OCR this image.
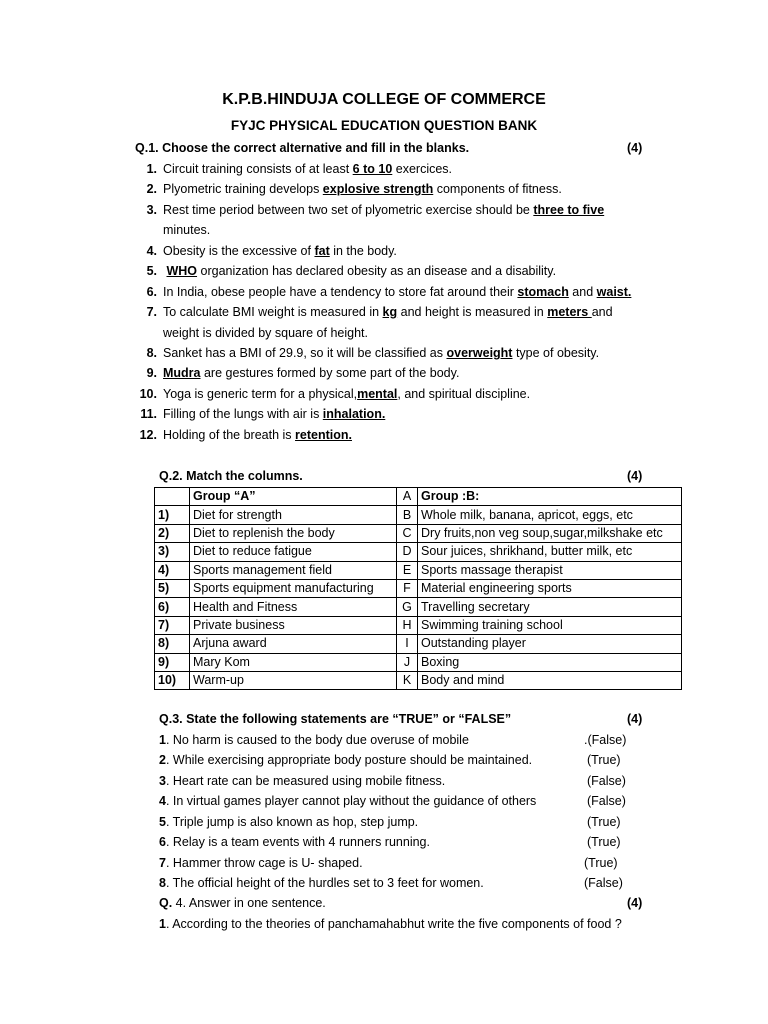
K.P.B.HINDUJA COLLEGE OF COMMERCE
FYJC PHYSICAL EDUCATION QUESTION BANK
Q.1. Choose the correct alternative and fill in the blanks.	(4)
1. Circuit training consists of at least 6 to 10 exercices.
2. Plyometric training develops explosive strength components of fitness.
3. Rest time period between two set of plyometric exercise should be three to five
minutes.
4. Obesity is the excessive of fat in the body.
5. WHO organization has declared obesity as an disease and a disability.
6. In India, obese people have a tendency to store fat around their stomach and waist.
7. To calculate BMI weight is measured in kg and height is measured in meters and
weight is divided by square of height.
8. Sanket has a BMI of 29.9, so it will be classified as overweight type of obesity.
9. Mudra are gestures formed by some part of the body.
10. Yoga is generic term for a physical,mental, and spiritual discipline.
11. Filling of the lungs with air is inhalation.
12. Holding of the breath is retention.
Q.2. Match the columns.	(4)
	Group “A”	A	Group :B:
1)	Diet for strength	B	Whole milk, banana, apricot, eggs, etc
2)	Diet to replenish the body	C	Dry fruits,non veg soup,sugar,milkshake etc
3)	Diet to reduce fatigue	D	Sour juices, shrikhand, butter milk, etc
4)	Sports management field	E	Sports massage therapist
5)	Sports equipment manufacturing	F	Material engineering sports
6)	Health and Fitness	G	Travelling secretary
7)	Private business	H	Swimming training school
8)	Arjuna award	I	Outstanding player
9)	Mary Kom	J	Boxing
10)	Warm-up	K	Body and mind
Q.3. State the following statements are “TRUE” or “FALSE”	(4)
1. No harm is caused to the body due overuse of mobile	.(False)
2. While exercising appropriate body posture should be maintained.	(True)
3. Heart rate can be measured using mobile fitness.	(False)
4. In virtual games player cannot play without the guidance of others	(False)
5. Triple jump is also known as hop, step jump.	(True)
6. Relay is a team events with 4 runners running.	(True)
7. Hammer throw cage is U- shaped.	(True)
8. The official height of the hurdles set to 3 feet for women.	(False)
Q. 4. Answer in one sentence.	(4)
1. According to the theories of panchamahabhut write the five components of food ?
